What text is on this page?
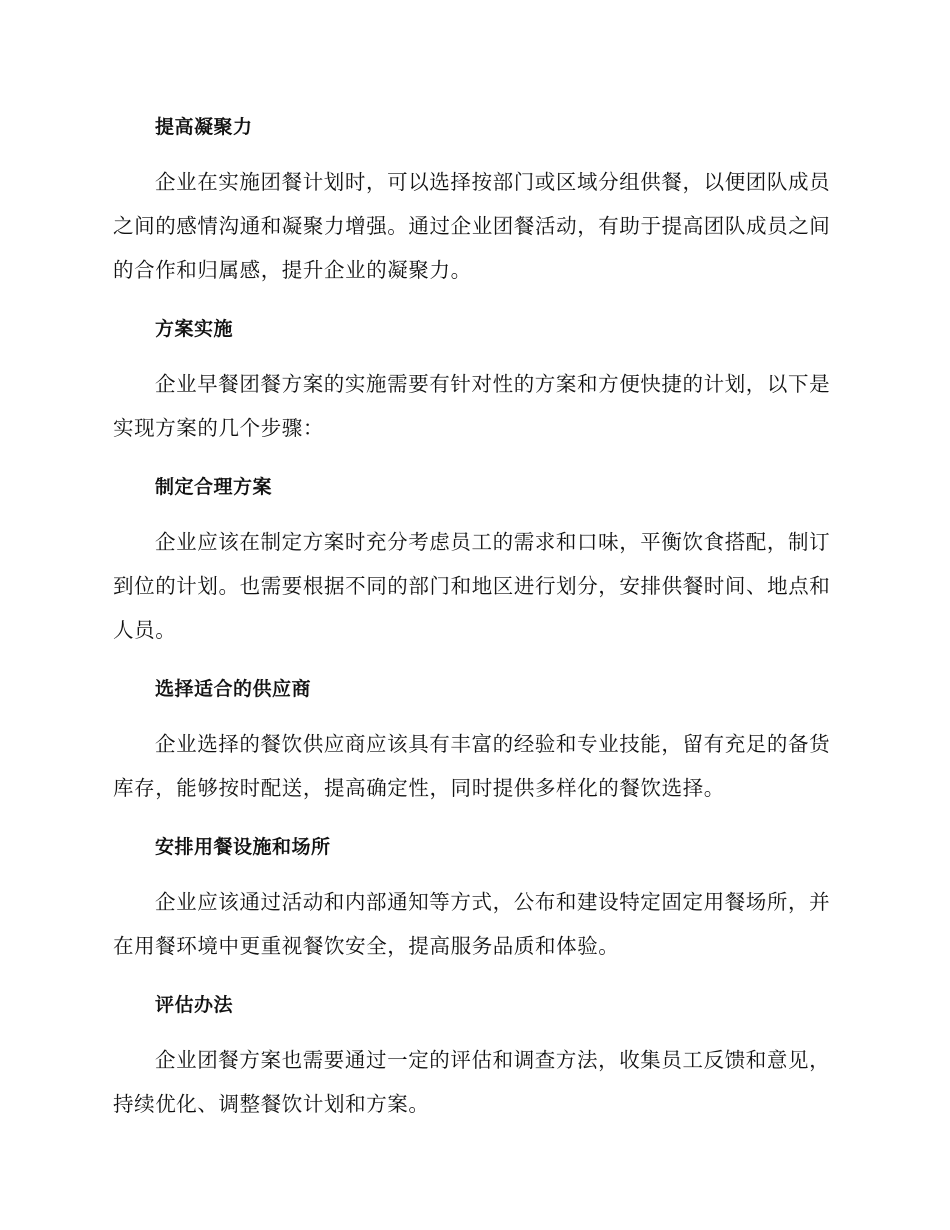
提高凝聚力

企业在实施团餐计划时，可以选择按部门或区域分组供餐，以便团队成员之间的感情沟通和凝聚力增强。通过企业团餐活动，有助于提高团队成员之间的合作和归属感，提升企业的凝聚力。

方案实施

企业早餐团餐方案的实施需要有针对性的方案和方便快捷的计划，以下是实现方案的几个步骤：

制定合理方案

企业应该在制定方案时充分考虑员工的需求和口味，平衡饮食搭配，制订到位的计划。也需要根据不同的部门和地区进行划分，安排供餐时间、地点和人员。

选择适合的供应商

企业选择的餐饮供应商应该具有丰富的经验和专业技能，留有充足的备货库存，能够按时配送，提高确定性，同时提供多样化的餐饮选择。

安排用餐设施和场所

企业应该通过活动和内部通知等方式，公布和建设特定固定用餐场所，并在用餐环境中更重视餐饮安全，提高服务品质和体验。

评估办法

企业团餐方案也需要通过一定的评估和调查方法，收集员工反馈和意见，持续优化、调整餐饮计划和方案。
